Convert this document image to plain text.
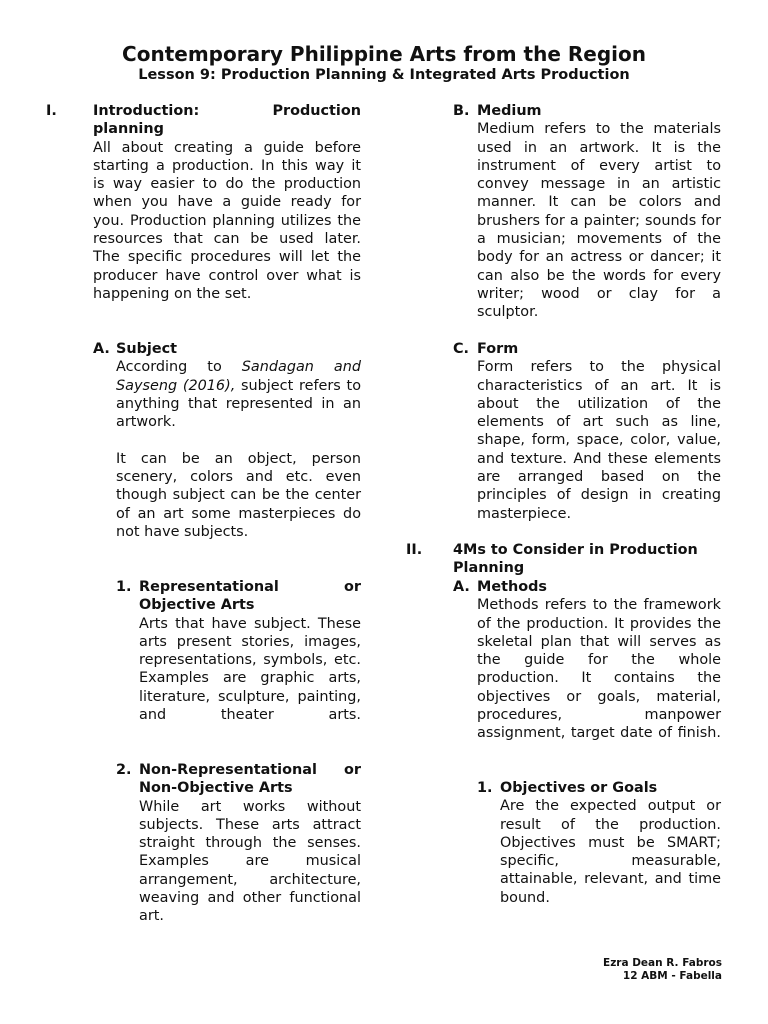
Contemporary Philippine Arts from the Region
Lesson 9: Production Planning & Integrated Arts Production
I.	Introduction:	Production
planning

All about creating a guide before starting a production. In this way it is way easier to do the production when you have a guide ready for you. Production planning utilizes the resources that can be used later. The specific procedures will let the producer have control over what is happening on the set.

A. Subject

According to Sandagan and Sayseng (2016), subject refers to anything that represented in an artwork.

It can be an object, person scenery, colors and etc. even though subject can be the center of an art some masterpieces do not have subjects.

1. Representational	or
Objective Arts

Arts that have subject. These arts present stories, images, representations, symbols, etc. Examples are graphic arts, literature, sculpture, painting, and theater arts.

2. Non-Representational or
Non-Objective Arts

While art works without subjects. These arts attract straight through the senses. Examples are musical arrangement, architecture, weaving and other functional art.

B. Medium

Medium refers to the materials used in an artwork. It is the instrument of every artist to convey message in an artistic manner. It can be colors and brushers for a painter; sounds for a musician; movements of the body for an actress or dancer; it can also be the words for every writer; wood or clay for a sculptor.

C. Form

Form refers to the physical characteristics of an art. It is about the utilization of the elements of art such as line, shape, form, space, color, value, and texture. And these elements are arranged based on the principles of design in creating masterpiece.

II. 4Ms to Consider in Production Planning
A. Methods

Methods refers to the framework of the production. It provides the skeletal plan that will serves as the guide for the whole production. It contains the objectives or goals, material, procedures, manpower assignment, target date of finish.

1. Objectives or Goals

Are the expected output or result of the production. Objectives must be SMART; specific, measurable, attainable, relevant, and time bound.

Ezra Dean R. Fabros
12 ABM - Fabella
